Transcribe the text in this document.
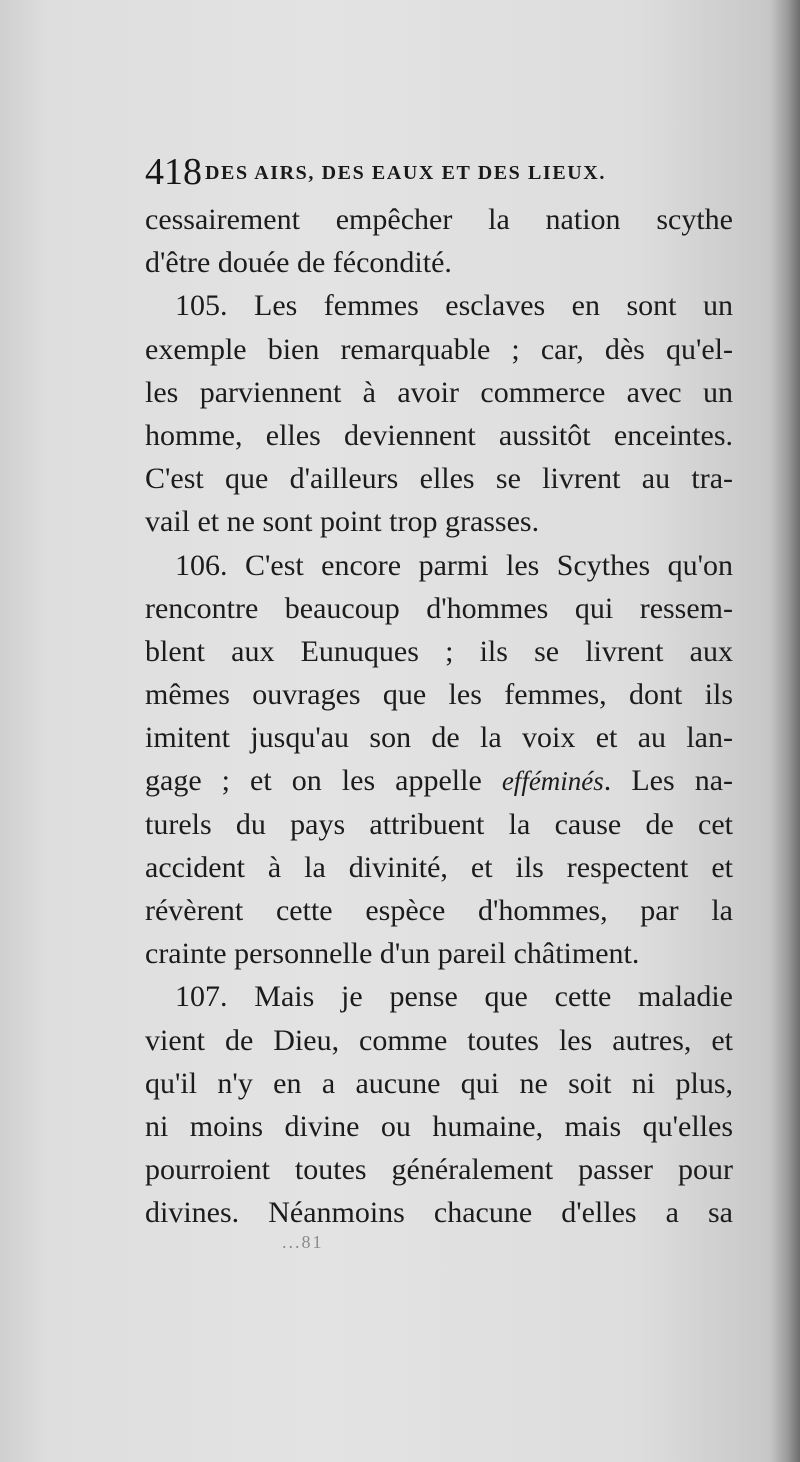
418 DES AIRS, DES EAUX ET DES LIEUX.
cessairement empêcher la nation scythe
d'être douée de fécondité.
105. Les femmes esclaves en sont un
exemple bien remarquable ; car, dès qu'el-
les parviennent à avoir commerce avec un
homme, elles deviennent aussitôt enceintes.
C'est que d'ailleurs elles se livrent au tra-
vail et ne sont point trop grasses.
106. C'est encore parmi les Scythes qu'on
rencontre beaucoup d'hommes qui ressem-
blent aux Eunuques ; ils se livrent aux
mêmes ouvrages que les femmes, dont ils
imitent jusqu'au son de la voix et au lan-
gage ; et on les appelle efféminés. Les na-
turels du pays attribuent la cause de cet
accident à la divinité, et ils respectent et
révèrent cette espèce d'hommes, par la
crainte personnelle d'un pareil châtiment.
107. Mais je pense que cette maladie
vient de Dieu, comme toutes les autres, et
qu'il n'y en a aucune qui ne soit ni plus,
ni moins divine ou humaine, mais qu'elles
pourroient toutes généralement passer pour
divines. Néanmoins chacune d'elles a sa
...81
